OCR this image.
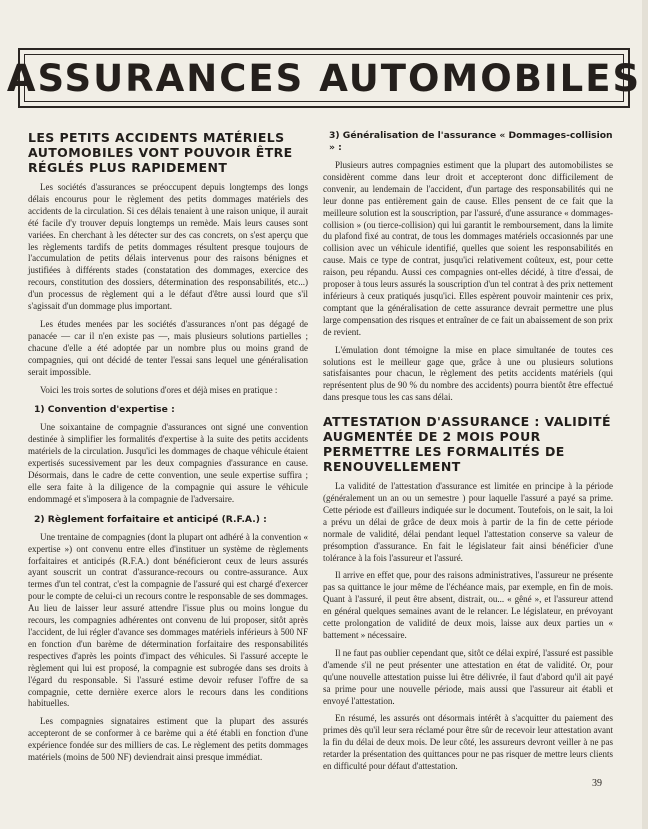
ASSURANCES AUTOMOBILES
LES PETITS ACCIDENTS MATÉRIELS AUTOMOBILES VONT POUVOIR ÊTRE RÉGLÉS PLUS RAPIDEMENT

Les sociétés d'assurances se préoccupent depuis longtemps des longs délais encourus pour le règlement des petits dommages matériels des accidents de la circulation. Si ces délais tenaient à une raison unique, il aurait été facile d'y trouver depuis longtemps un remède. Mais leurs causes sont variées. En cherchant à les détecter sur des cas concrets, on s'est aperçu que les règlements tardifs de petits dommages résultent presque toujours de l'accumulation de petits délais intervenus pour des raisons bénignes et justifiées à différents stades (constatation des dommages, exercice des recours, constitution des dossiers, détermination des responsabilités, etc...) d'un processus de règlement qui a le défaut d'être aussi lourd que s'il s'agissait d'un dommage plus important.

Les études menées par les sociétés d'assurances n'ont pas dégagé de panacée — car il n'en existe pas —, mais plusieurs solutions partielles ; chacune d'elle a été adoptée par un nombre plus ou moins grand de compagnies, qui ont décidé de tenter l'essai sans lequel une généralisation serait impossible.

Voici les trois sortes de solutions d'ores et déjà mises en pratique :

1) Convention d'expertise :

Une soixantaine de compagnie d'assurances ont signé une convention destinée à simplifier les formalités d'expertise à la suite des petits accidents matériels de la circulation. Jusqu'ici les dommages de chaque véhicule étaient expertisés sucessivement par les deux compagnies d'assurance en cause. Désormais, dans le cadre de cette convention, une seule expertise suffira ; elle sera faite à la diligence de la compagnie qui assure le véhicule endommagé et s'imposera à la compagnie de l'adversaire.

2) Règlement forfaitaire et anticipé (R.F.A.) :

Une trentaine de compagnies (dont la plupart ont adhéré à la convention « expertise ») ont convenu entre elles d'instituer un système de règlements forfaitaires et anticipés (R.F.A.) dont bénéficieront ceux de leurs assurés ayant souscrit un contrat d'assurance-recours ou contre-assurance. Aux termes d'un tel contrat, c'est la compagnie de l'assuré qui est chargé d'exercer pour le compte de celui-ci un recours contre le responsable de ses dommages. Au lieu de laisser leur assuré attendre l'issue plus ou moins longue du recours, les compagnies adhérentes ont convenu de lui proposer, sitôt après l'accident, de lui régler d'avance ses dommages matériels inférieurs à 500 NF en fonction d'un barème de détermination forfaitaire des responsabilités respectives d'après les points d'impact des véhicules. Si l'assuré accepte le règlement qui lui est proposé, la compagnie est subrogée dans ses droits à l'égard du responsable. Si l'assuré estime devoir refuser l'offre de sa compagnie, cette dernière exerce alors le recours dans les conditions habituelles.

Les compagnies signataires estiment que la plupart des assurés accepteront de se conformer à ce barème qui a été établi en fonction d'une expérience fondée sur des milliers de cas. Le règlement des petits dommages matériels (moins de 500 NF) deviendrait ainsi presque immédiat.

3) Généralisation de l'assurance « Dommages-collision » :

Plusieurs autres compagnies estiment que la plupart des automobilistes se considèrent comme dans leur droit et accepteront donc difficilement de convenir, au lendemain de l'accident, d'un partage des responsabilités qui ne leur donne pas entièrement gain de cause. Elles pensent de ce fait que la meilleure solution est la souscription, par l'assuré, d'une assurance « dommages-collision » (ou tierce-collision) qui lui garantit le remboursement, dans la limite du plafond fixé au contrat, de tous les dommages matériels occasionnés par une collision avec un véhicule identifié, quelles que soient les responsabilités en cause. Mais ce type de contrat, jusqu'ici relativement coûteux, est, pour cette raison, peu répandu. Aussi ces compagnies ont-elles décidé, à titre d'essai, de proposer à tous leurs assurés la souscription d'un tel contrat à des prix nettement inférieurs à ceux pratiqués jusqu'ici. Elles espèrent pouvoir maintenir ces prix, comptant que la généralisation de cette assurance devrait permettre une plus large compensation des risques et entraîner de ce fait un abaissement de son prix de revient.

L'émulation dont témoigne la mise en place simultanée de toutes ces solutions est le meilleur gage que, grâce à une ou plusieurs solutions satisfaisantes pour chacun, le règlement des petits accidents matériels (qui représentent plus de 90 % du nombre des accidents) pourra bientôt être effectué dans presque tous les cas sans délai.

ATTESTATION D'ASSURANCE : VALIDITÉ AUGMENTÉE DE 2 MOIS POUR PERMETTRE LES FORMALITÉS DE RENOUVELLEMENT

La validité de l'attestation d'assurance est limitée en principe à la période (généralement un an ou un semestre ) pour laquelle l'assuré a payé sa prime. Cette période est d'ailleurs indiquée sur le document. Toutefois, on le sait, la loi a prévu un délai de grâce de deux mois à partir de la fin de cette période normale de validité, délai pendant lequel l'attestation conserve sa valeur de présomption d'assurance. En fait le législateur fait ainsi bénéficier d'une tolérance à la fois l'assureur et l'assuré.

Il arrive en effet que, pour des raisons administratives, l'assureur ne présente pas sa quittance le jour même de l'échéance mais, par exemple, en fin de mois. Quant à l'assuré, il peut être absent, distrait, ou... « gêné », et l'assureur attend en général quelques semaines avant de le relancer. Le législateur, en prévoyant cette prolongation de validité de deux mois, laisse aux deux parties un « battement » nécessaire.

Il ne faut pas oublier cependant que, sitôt ce délai expiré, l'assuré est passible d'amende s'il ne peut présenter une attestation en état de validité. Or, pour qu'une nouvelle attestation puisse lui être délivrée, il faut d'abord qu'il ait payé sa prime pour une nouvelle période, mais aussi que l'assureur ait établi et envoyé l'attestation.

En résumé, les assurés ont désormais intérêt à s'acquitter du paiement des primes dès qu'il leur sera réclamé pour être sûr de recevoir leur attestation avant la fin du délai de deux mois. De leur côté, les assureurs devront veiller à ne pas retarder la présentation des quittances pour ne pas risquer de mettre leurs clients en difficulté pour défaut d'attestation.

39
